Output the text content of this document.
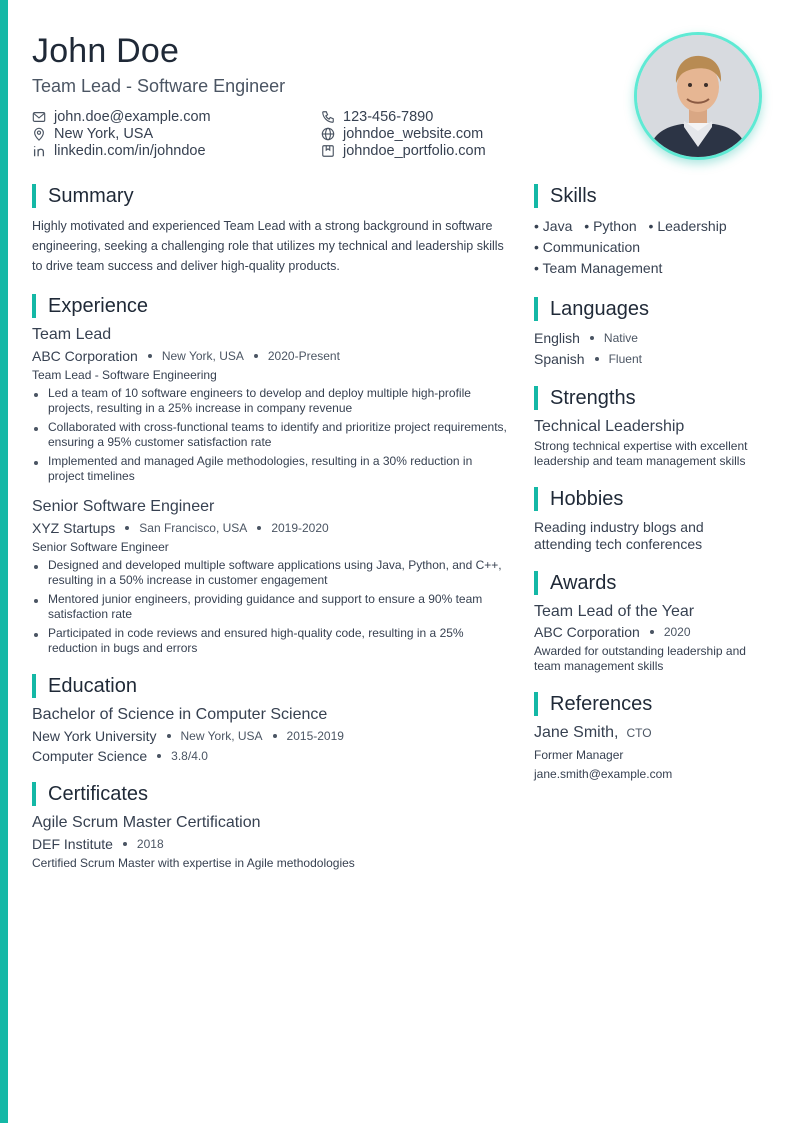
John Doe
Team Lead - Software Engineer
john.doe@example.com	123-456-7890
New York, USA	johndoe_website.com
linkedin.com/in/johndoe	johndoe_portfolio.com
Summary

Highly motivated and experienced Team Lead with a strong background in software engineering, seeking a challenging role that utilizes my technical and leadership skills to drive team success and deliver high-quality products.

Experience
Team Lead
ABC Corporation New York, USA 2020-Present
Team Lead - Software Engineering
Led a team of 10 software engineers to develop and deploy multiple high-profile projects, resulting in a 25% increase in company revenue
Collaborated with cross-functional teams to identify and prioritize project requirements, ensuring a 95% customer satisfaction rate
Implemented and managed Agile methodologies, resulting in a 30% reduction in project timelines
Senior Software Engineer
XYZ Startups San Francisco, USA 2019-2020
Senior Software Engineer
Designed and developed multiple software applications using Java, Python, and C++, resulting in a 50% increase in customer engagement
Mentored junior engineers, providing guidance and support to ensure a 90% team satisfaction rate
Participated in code reviews and ensured high-quality code, resulting in a 25% reduction in bugs and errors
Education
Bachelor of Science in Computer Science
New York University New York, USA 2015-2019
Computer Science 3.8/4.0
Certificates
Agile Scrum Master Certification
DEF Institute 2018
Certified Scrum Master with expertise in Agile methodologies
Skills
• Java • Python • Leadership • Communication • Team Management
Languages
English Native
Spanish Fluent
Strengths
Technical Leadership
Strong technical expertise with excellent leadership and team management skills
Hobbies
Reading industry blogs and attending tech conferences
Awards
Team Lead of the Year
ABC Corporation 2020
Awarded for outstanding leadership and team management skills
References
Jane Smith, CTO
Former Manager
jane.smith@example.com
